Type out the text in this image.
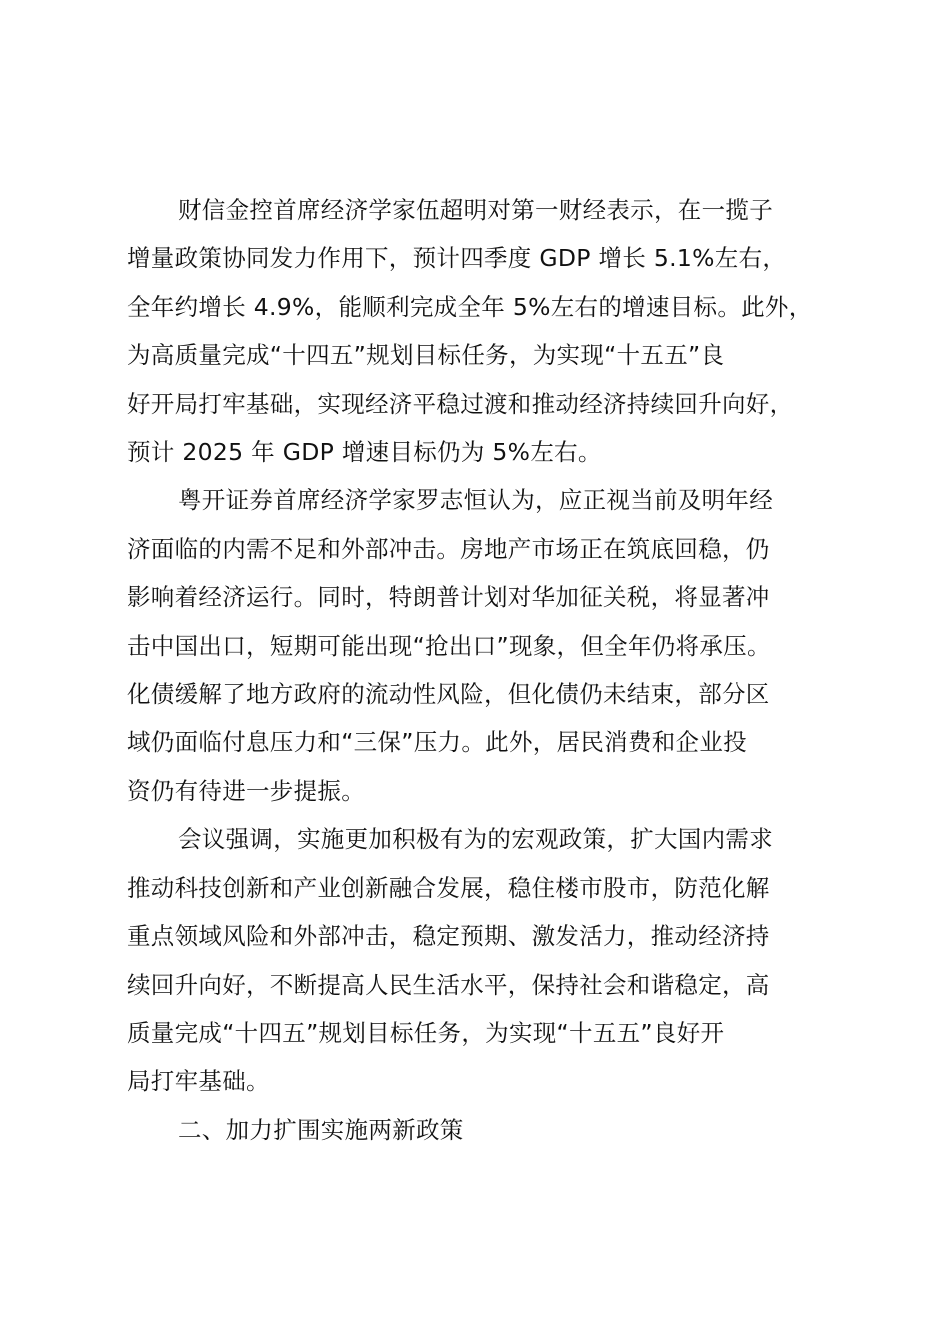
财信金控首席经济学家伍超明对第一财经表示，在一揽子
增量政策协同发力作用下，预计四季度 GDP 增长 5.1%左右，
全年约增长 4.9%，能顺利完成全年 5%左右的增速目标。此外，
为高质量完成“十四五”规划目标任务，为实现“十五五”良
好开局打牢基础，实现经济平稳过渡和推动经济持续回升向好，
预计 2025 年 GDP 增速目标仍为 5%左右。
粤开证券首席经济学家罗志恒认为，应正视当前及明年经
济面临的内需不足和外部冲击。房地产市场正在筑底回稳，仍
影响着经济运行。同时，特朗普计划对华加征关税，将显著冲
击中国出口，短期可能出现“抢出口”现象，但全年仍将承压。
化债缓解了地方政府的流动性风险，但化债仍未结束，部分区
域仍面临付息压力和“三保”压力。此外，居民消费和企业投
资仍有待进一步提振。
会议强调，实施更加积极有为的宏观政策，扩大国内需求
推动科技创新和产业创新融合发展，稳住楼市股市，防范化解
重点领域风险和外部冲击，稳定预期、激发活力，推动经济持
续回升向好，不断提高人民生活水平，保持社会和谐稳定，高
质量完成“十四五”规划目标任务，为实现“十五五”良好开
局打牢基础。
二、加力扩围实施两新政策
